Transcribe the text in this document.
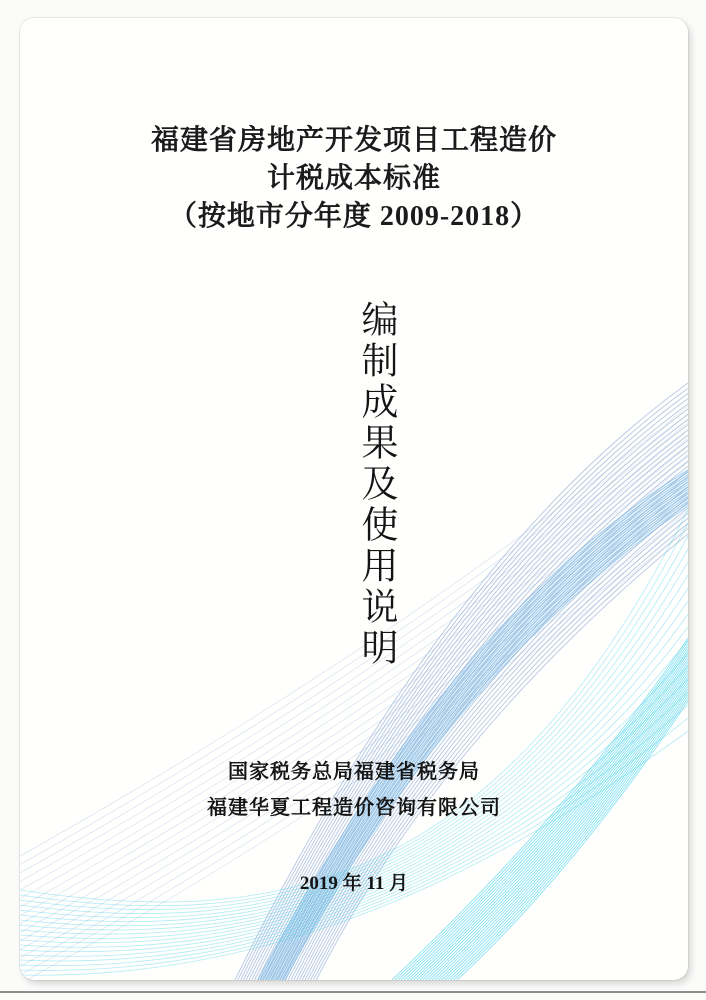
福建省房地产开发项目工程造价
计税成本标准
（按地市分年度 2009-2018）
编制成果及使用说明
国家税务总局福建省税务局
福建华夏工程造价咨询有限公司
2019 年 11 月
